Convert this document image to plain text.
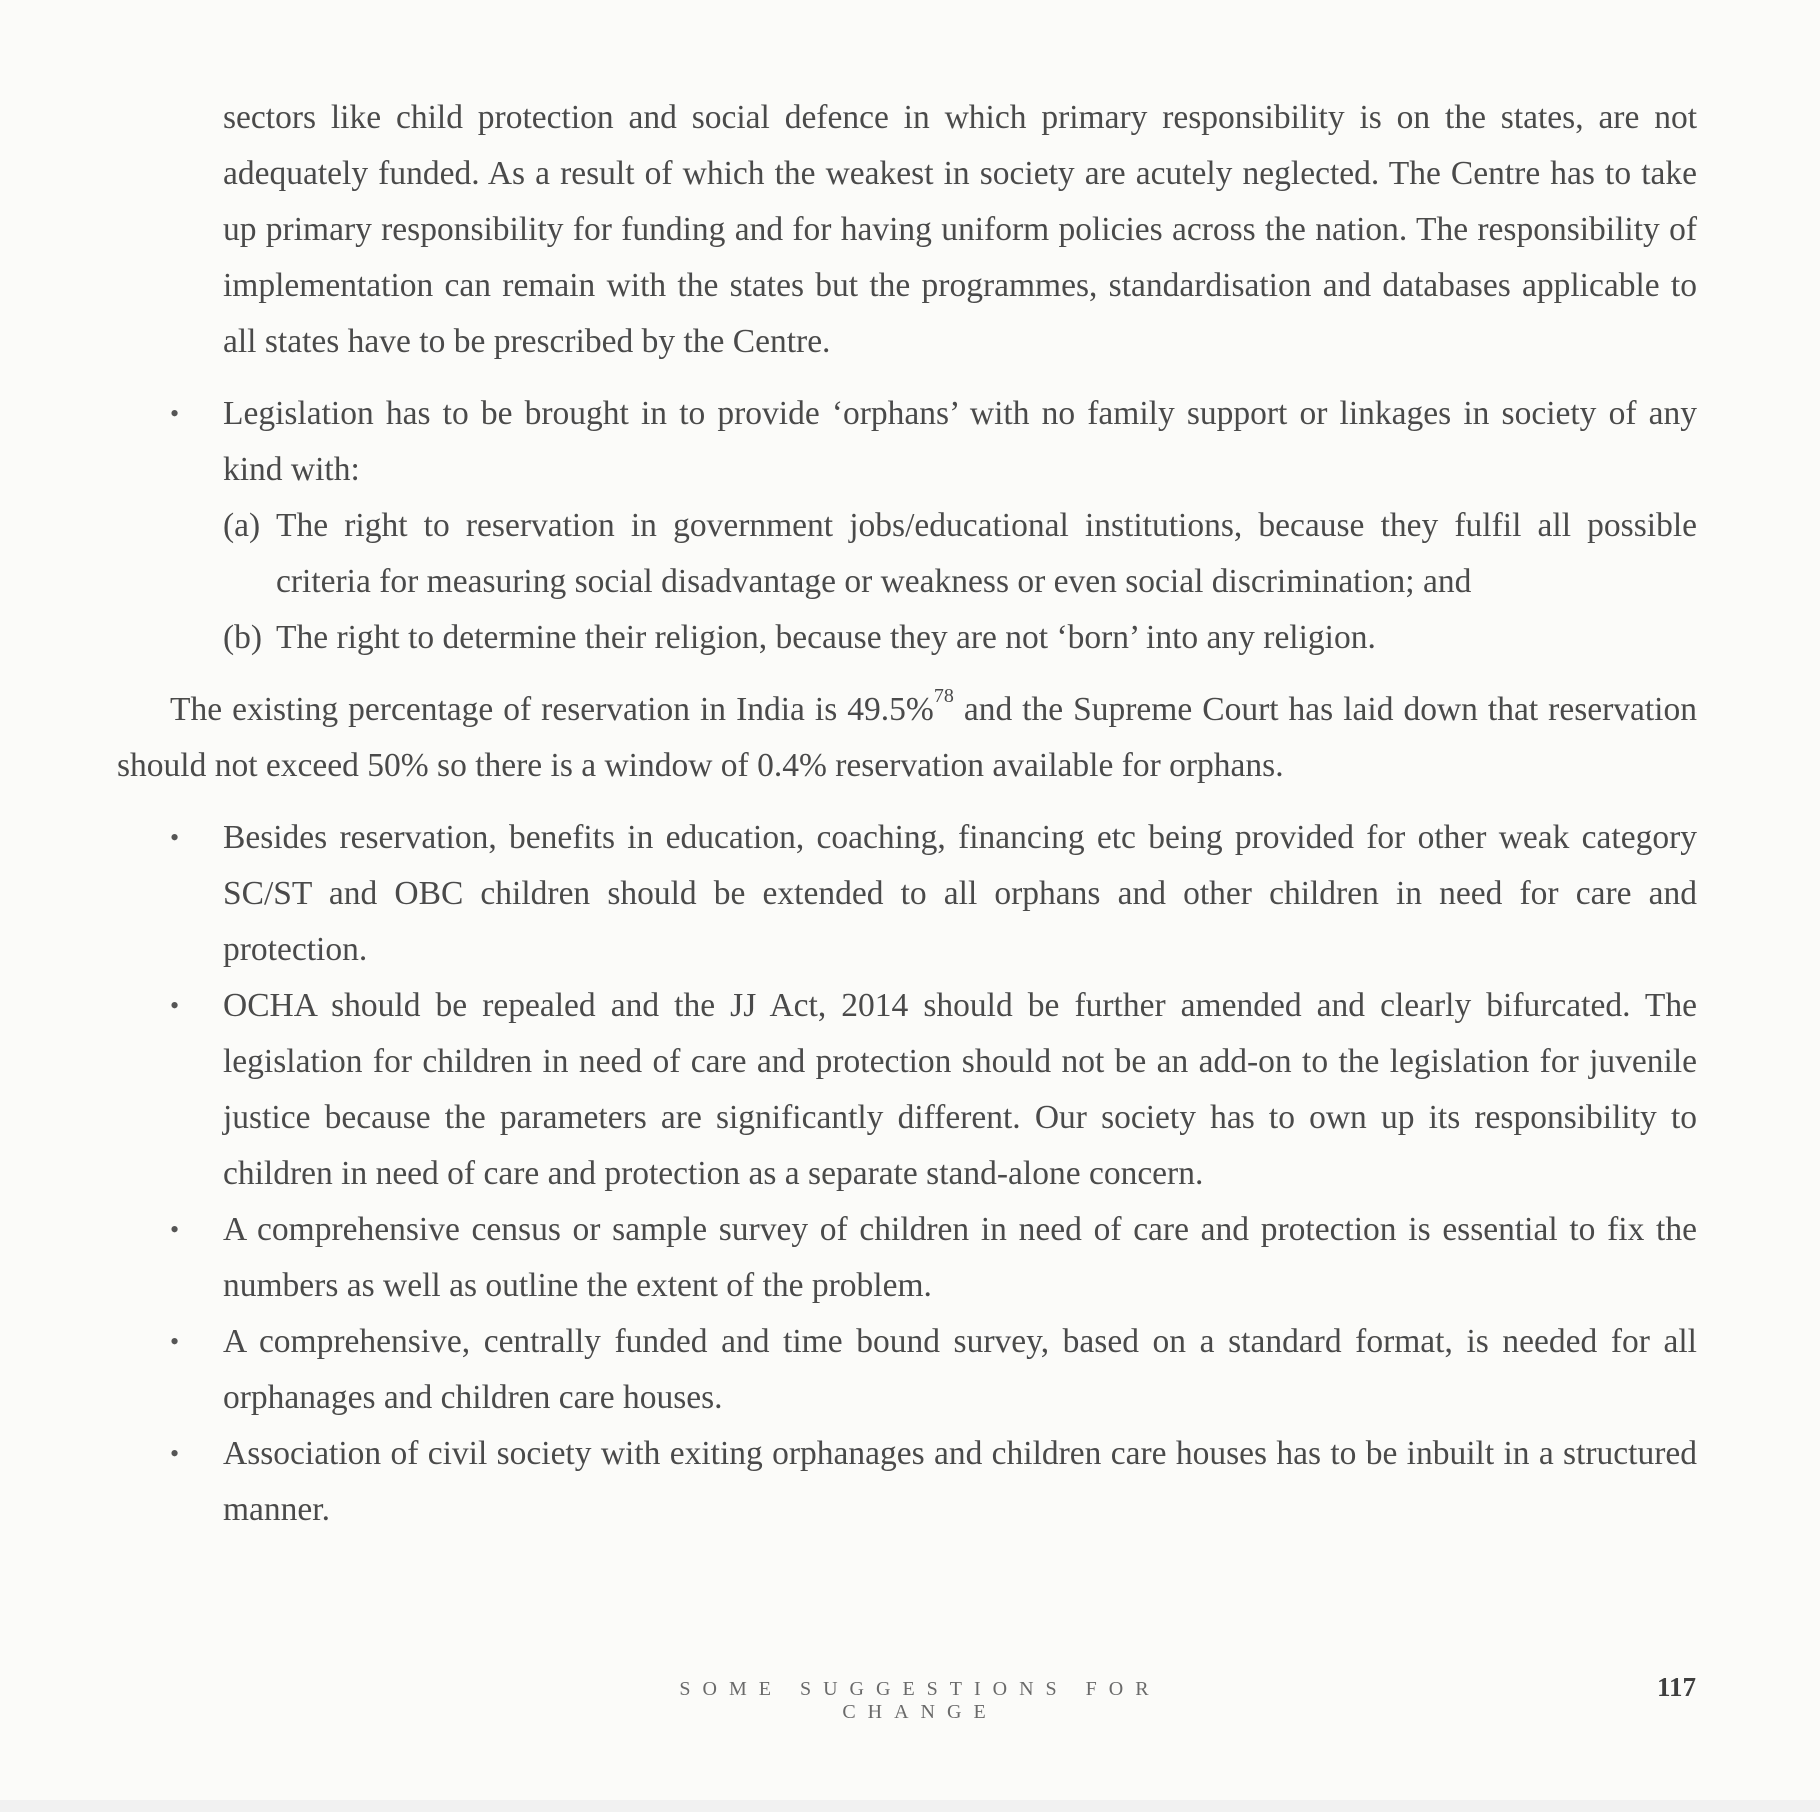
sectors like child protection and social defence in which primary responsibility is on the states, are not adequately funded. As a result of which the weakest in society are acutely neglected. The Centre has to take up primary responsibility for funding and for having uniform policies across the nation. The responsibility of implementation can remain with the states but the programmes, standardisation and databases applicable to all states have to be prescribed by the Centre.

• Legislation has to be brought in to provide ‘orphans’ with no family support or linkages in society of any kind with:
(a) The right to reservation in government jobs/educational institutions, because they fulfil all possible criteria for measuring social disadvantage or weakness or even social discrimination; and
(b) The right to determine their religion, because they are not ‘born’ into any religion.

The existing percentage of reservation in India is 49.5%$^{78}$ and the Supreme Court has laid down that reservation should not exceed 50% so there is a window of 0.4% reservation available for orphans.

• Besides reservation, benefits in education, coaching, financing etc being provided for other weak category SC/ST and OBC children should be extended to all orphans and other children in need for care and protection.
• OCHA should be repealed and the JJ Act, 2014 should be further amended and clearly bifurcated. The legislation for children in need of care and protection should not be an add-on to the legislation for juvenile justice because the parameters are significantly different. Our society has to own up its responsibility to children in need of care and protection as a separate stand-alone concern.
• A comprehensive census or sample survey of children in need of care and protection is essential to fix the numbers as well as outline the extent of the problem.
• A comprehensive, centrally funded and time bound survey, based on a standard format, is needed for all orphanages and children care houses.
• Association of civil society with exiting orphanages and children care houses has to be inbuilt in a structured manner.
SOME SUGGESTIONS FOR CHANGE
117
